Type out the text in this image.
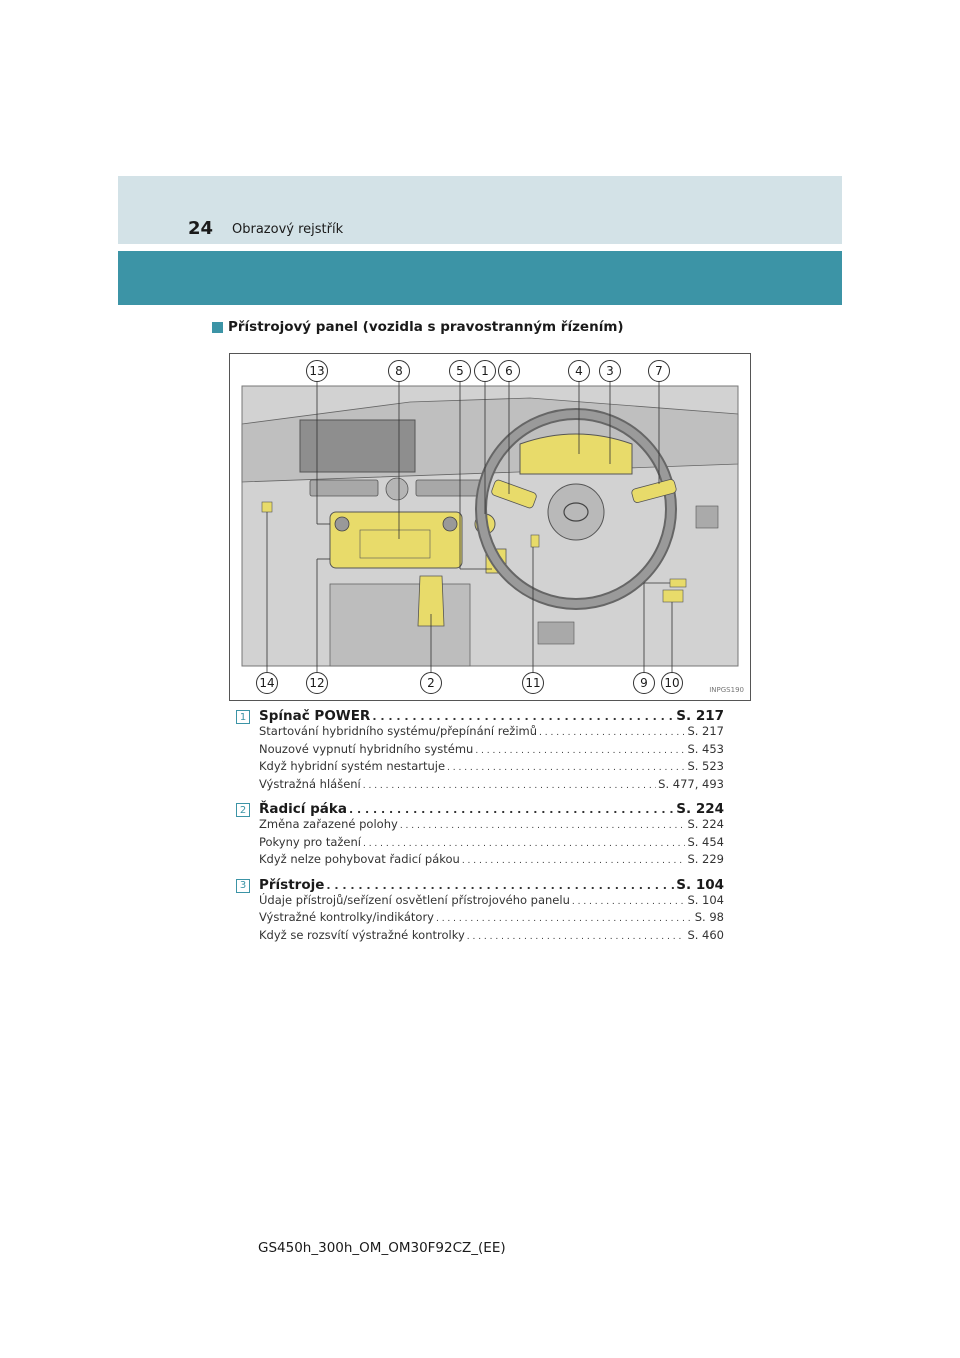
24 Obrazový rejstřík
Přístrojový panel (vozidla s pravostranným řízením)
13	8	5	1	6	4	3	7
14	12	2	11	9	10	INPGS190
1 Spínač POWER . . .	S. 217
Startování hybridního systému/přepínání režimů . . .	S. 217
Nouzové vypnutí hybridního systému . . .	S. 453
Když hybridní systém nestartuje . . .	S. 523
Výstražná hlášení . . .	S. 477, 493
2 Řadicí páka . . .	S. 224
Změna zařazené polohy . . .	S. 224
Pokyny pro tažení . . .	S. 454
Když nelze pohybovat řadicí pákou . . .	S. 229
3 Přístroje . . .	S. 104
Údaje přístrojů/seřízení osvětlení přístrojového panelu . . .	S. 104
Výstražné kontrolky/indikátory . . .	S. 98
Když se rozsvítí výstražné kontrolky . . .	S. 460
GS450h_300h_OM_OM30F92CZ_(EE)
